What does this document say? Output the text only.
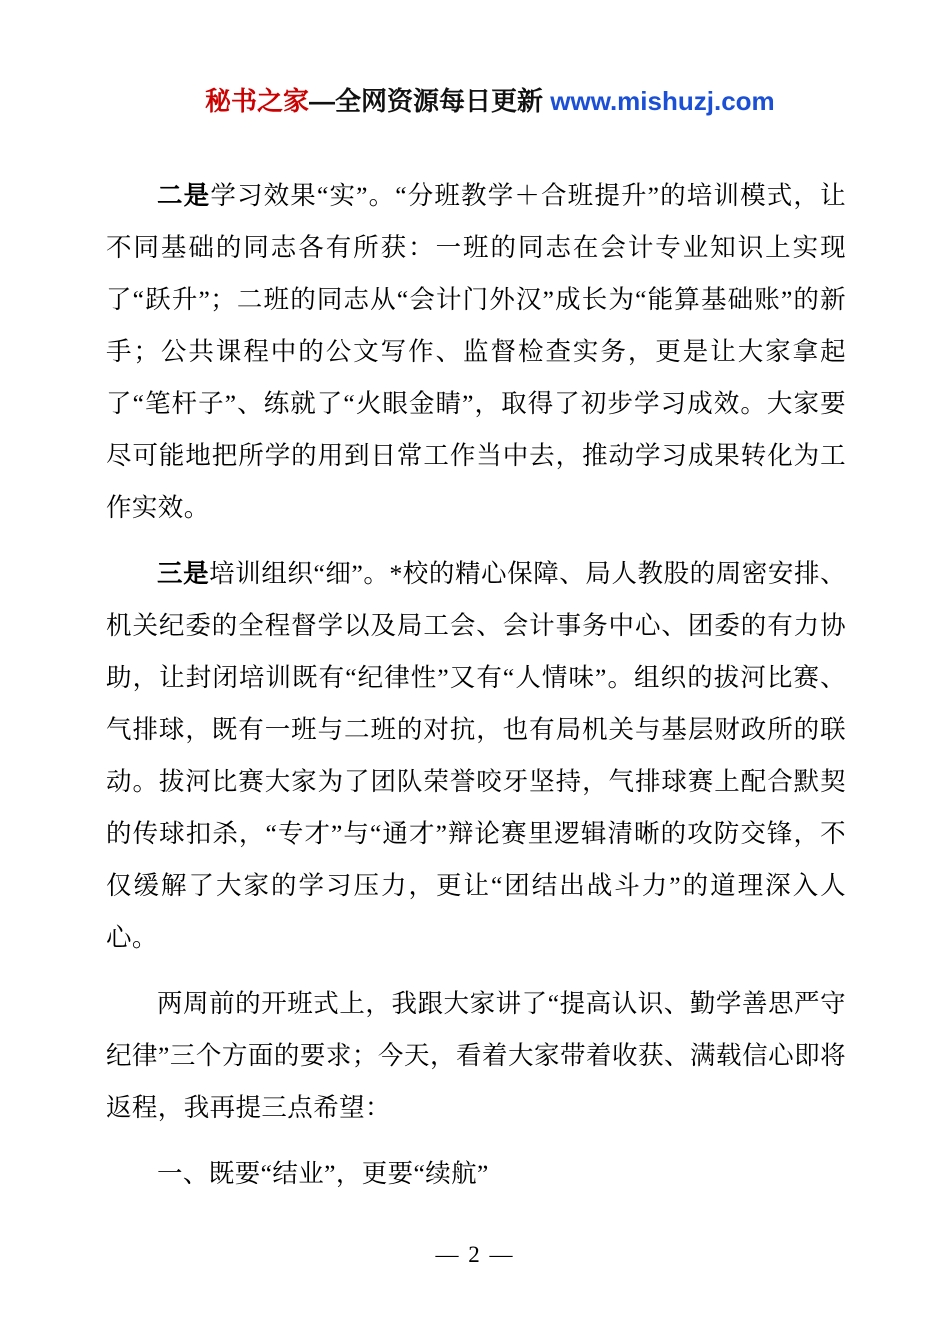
秘书之家—全网资源每日更新 www.mishuzj.com

二是学习效果“实”。“分班教学＋合班提升”的培训模式，让不同基础的同志各有所获：一班的同志在会计专业知识上实现了“跃升”；二班的同志从“会计门外汉”成长为“能算基础账”的新手；公共课程中的公文写作、监督检查实务，更是让大家拿起了“笔杆子”、练就了“火眼金睛”，取得了初步学习成效。大家要尽可能地把所学的用到日常工作当中去，推动学习成果转化为工作实效。

三是培训组织“细”。*校的精心保障、局人教股的周密安排、机关纪委的全程督学以及局工会、会计事务中心、团委的有力协助，让封闭培训既有“纪律性”又有“人情味”。组织的拔河比赛、气排球，既有一班与二班的对抗，也有局机关与基层财政所的联动。拔河比赛大家为了团队荣誉咬牙坚持，气排球赛上配合默契的传球扣杀，“专才”与“通才”辩论赛里逻辑清晰的攻防交锋，不仅缓解了大家的学习压力，更让“团结出战斗力”的道理深入人心。

两周前的开班式上，我跟大家讲了“提高认识、勤学善思严守纪律”三个方面的要求；今天，看着大家带着收获、满载信心即将返程，我再提三点希望：

一、既要“结业”，更要“续航”

— 2 —
